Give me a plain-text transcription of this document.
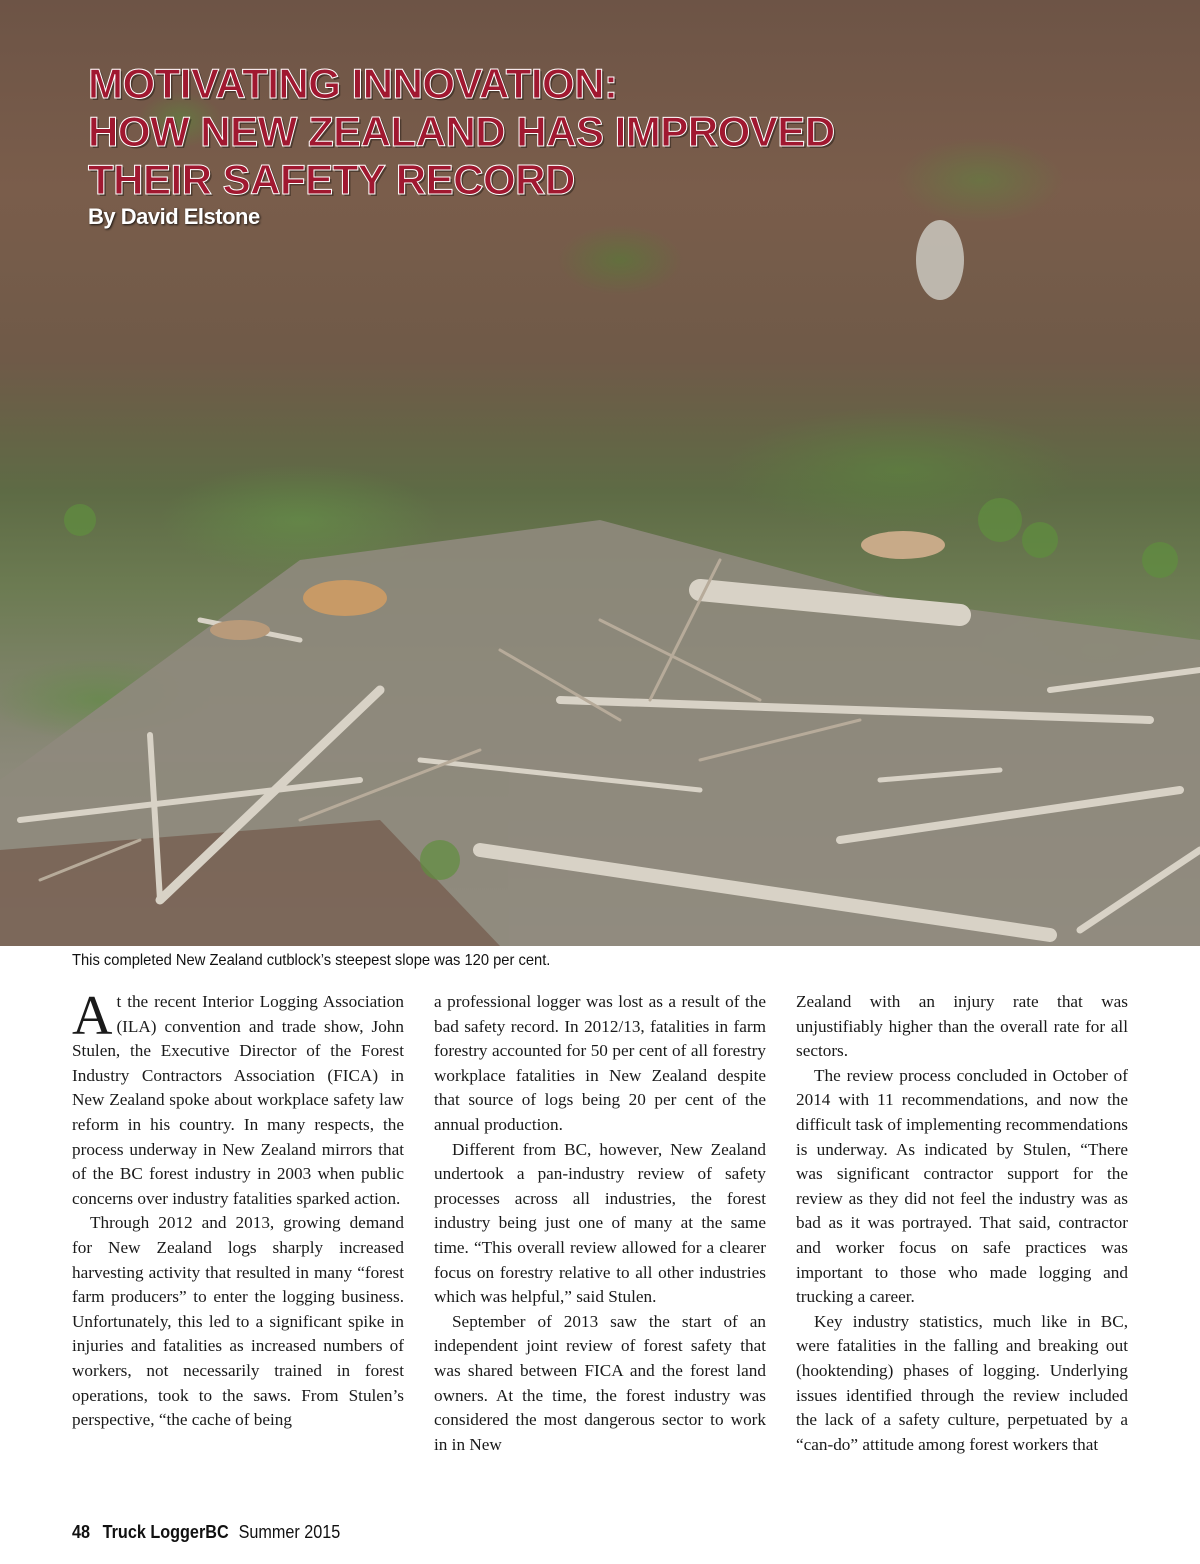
MOTIVATING INNOVATION:
HOW NEW ZEALAND HAS IMPROVED
THEIR SAFETY RECORD
By David Elstone
This completed New Zealand cutblock’s steepest slope was 120 per cent.

At the recent Interior Logging Association (ILA) convention and trade show, John Stulen, the Executive Director of the Forest Industry Contractors Association (FICA) in New Zealand spoke about workplace safety law reform in his country. In many respects, the process underway in New Zealand mirrors that of the BC forest industry in 2003 when public concerns over industry fatalities sparked action.

Through 2012 and 2013, growing demand for New Zealand logs sharply increased harvesting activity that resulted in many “forest farm producers” to enter the logging business. Unfortunately, this led to a significant spike in injuries and fatalities as increased numbers of workers, not necessarily trained in forest operations, took to the saws. From Stulen’s perspective, “the cache of being

a professional logger was lost as a result of the bad safety record. In 2012/13, fatalities in farm forestry accounted for 50 per cent of all forestry workplace fatalities in New Zealand despite that source of logs being 20 per cent of the annual production.

Different from BC, however, New Zealand undertook a pan-industry review of safety processes across all industries, the forest industry being just one of many at the same time. “This overall review allowed for a clearer focus on forestry relative to all other industries which was helpful,” said Stulen.

September of 2013 saw the start of an independent joint review of forest safety that was shared between FICA and the forest land owners. At the time, the forest industry was considered the most dangerous sector to work in in New

Zealand with an injury rate that was unjustifiably higher than the overall rate for all sectors.

The review process concluded in October of 2014 with 11 recommendations, and now the difficult task of implementing recommendations is underway. As indicated by Stulen, “There was significant contractor support for the review as they did not feel the industry was as bad as it was portrayed. That said, contractor and worker focus on safe practices was important to those who made logging and trucking a career.

Key industry statistics, much like in BC, were fatalities in the falling and breaking out (hooktending) phases of logging. Underlying issues identified through the review included the lack of a safety culture, perpetuated by a “can-do” attitude among forest workers that

48 Truck LoggerBC Summer 2015
